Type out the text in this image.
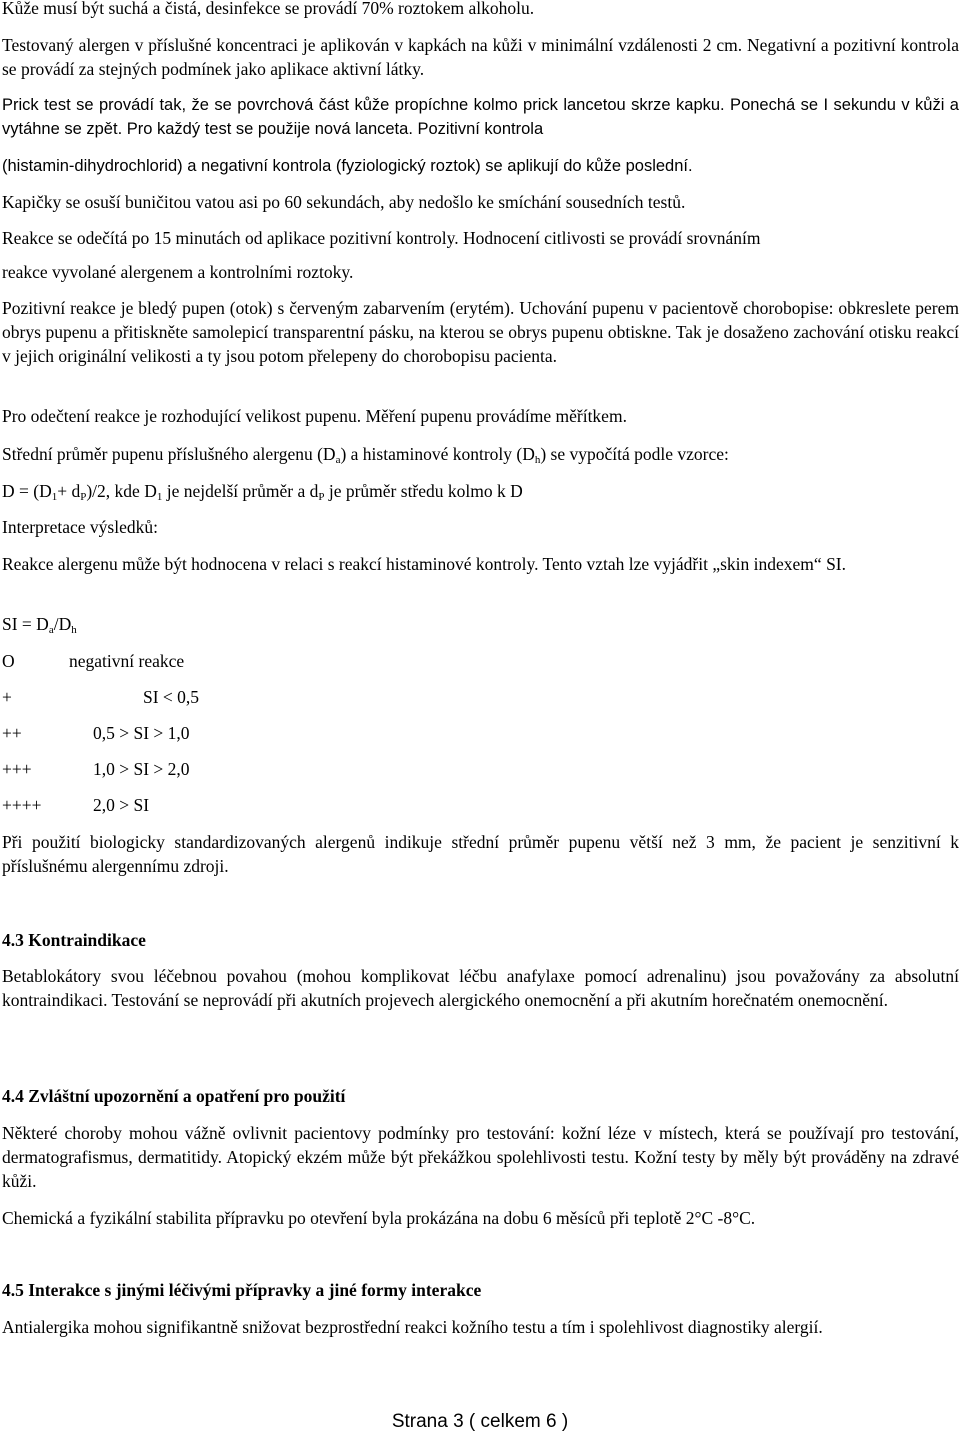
Kůže musí být suchá a čistá, desinfekce se provádí 70% roztokem alkoholu.

Testovaný alergen v příslušné koncentraci je aplikován v kapkách na kůži v minimální vzdálenosti 2 cm. Negativní a pozitivní kontrola se provádí za stejných podmínek jako aplikace aktivní látky.

Prick test se provádí tak, že se povrchová část kůže propíchne kolmo prick lancetou skrze kapku. Ponechá se I sekundu v kůži a vytáhne se zpět. Pro každý test se použije nová lanceta. Pozitivní kontrola

(histamin-dihydrochlorid) a negativní kontrola (fyziologický roztok) se aplikují do kůže poslední.

Kapičky se osuší buničitou vatou asi po 60 sekundách, aby nedošlo ke smíchání sousedních testů.

Reakce se odečítá po 15 minutách od aplikace pozitivní kontroly. Hodnocení citlivosti se provádí srovnáním

reakce vyvolané alergenem a kontrolními roztoky.

Pozitivní reakce je bledý pupen (otok) s červeným zabarvením (erytém). Uchování pupenu v pacientově chorobopise: obkreslete perem obrys pupenu a přitiskněte samolepicí transparentní pásku, na kterou se obrys pupenu obtiskne. Tak je dosaženo zachování otisku reakcí v jejich originální velikosti a ty jsou potom přelepeny do chorobopisu pacienta.

Pro odečtení reakce je rozhodující velikost pupenu. Měření pupenu provádíme měřítkem.

Střední průměr pupenu příslušného alergenu $(D_a)$ a histaminové kontroly $(D_h)$ se vypočítá podle vzorce:

$D = (D_1+ d_P)/2$, kde $D_1$ je nejdelší průměr a $d_P$ je průměr středu kolmo k D

Interpretace výsledků:

Reakce alergenu může být hodnocena v relaci s reakcí histaminové kontroly. Tento vztah lze vyjádřit „skin indexem“ SI.

SI = $D_a/D_h$

O	negativní reakce

+	SI < 0,5

++	0,5 > SI > 1,0

+++	1,0 > SI > 2,0

++++	2,0 > SI

Při použití biologicky standardizovaných alergenů indikuje střední průměr pupenu větší než 3 mm, že pacient je senzitivní k příslušnému alergennímu zdroji.

4.3 Kontraindikace

Betablokátory svou léčebnou povahou (mohou komplikovat léčbu anafylaxe pomocí adrenalinu) jsou považovány za absolutní kontraindikaci. Testování se neprovádí při akutních projevech alergického onemocnění a při akutním horečnatém onemocnění.

4.4 Zvláštní upozornění a opatření pro použití

Některé choroby mohou vážně ovlivnit pacientovy podmínky pro testování: kožní léze v místech, která se používají pro testování, dermatografismus, dermatitidy. Atopický ekzém může být překážkou spolehlivosti testu. Kožní testy by měly být prováděny na zdravé kůži.

Chemická a fyzikální stabilita přípravku po otevření byla prokázána na dobu 6 měsíců při teplotě 2°C -8°C.

4.5 Interakce s jinými léčivými přípravky a jiné formy interakce

Antialergika mohou signifikantně snižovat bezprostřední reakci kožního testu a tím i spolehlivost diagnostiky alergií.

Strana 3 ( celkem 6 )
